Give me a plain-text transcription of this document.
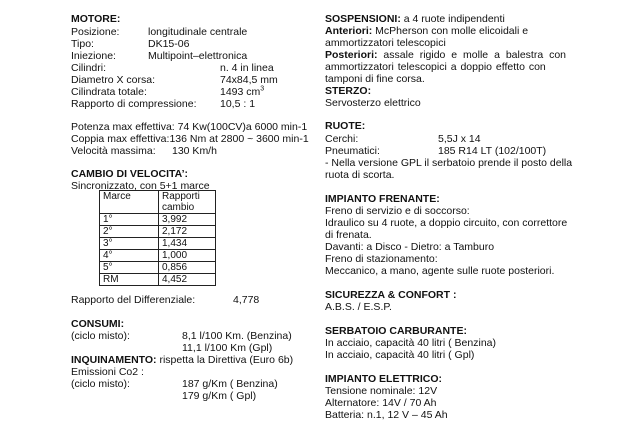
MOTORE:
Posizione:	longitudinale centrale
Tipo:	DK15-06
Iniezione:	Multipoint–elettronica
Cilindri:	n. 4 in linea
Diametro X corsa:	74x84,5 mm
Cilindrata totale:	1493 $cm^3$
Rapporto di compressione: 10,5 : 1
Potenza max effettiva: 74 Kw(100CV)a 6000 min-1
Coppia max effettiva:136 Nm at 2800 ~ 3600 min-1
Velocità massima: 130 Km/h
CAMBIO DI VELOCITA’:
Sincronizzato, con 5+1 marce
Marce	Rapporti cambio
1°	3,992
2°	2,172
3°	1,434
4°	1,000
5°	0,856
RM	4,452
Rapporto del Differenziale:	4,778
CONSUMI:
(ciclo misto):	8,1 l/100 Km. (Benzina)
11,1 l/100 Km (Gpl)
INQUINAMENTO: rispetta la Direttiva (Euro 6b)
Emissioni Co2 :
(ciclo misto):	187 g/Km ( Benzina)
179 g/Km ( Gpl)
SOSPENSIONI: a 4 ruote indipendenti
Anteriori: McPherson con molle elicoidali e
ammortizzatori telescopici
Posteriori: assale rigido e molle a balestra con
ammortizzatori telescopici a doppio effetto con
tamponi di fine corsa.
STERZO:
Servosterzo elettrico
RUOTE:
Cerchi:	5,5J x 14
Pneumatici:	185 R14 LT (102/100T)
- Nella versione GPL il serbatoio prende il posto della
ruota di scorta.
IMPIANTO FRENANTE:
Freno di servizio e di soccorso:
Idraulico su 4 ruote, a doppio circuito, con correttore
di frenata.
Davanti: a Disco - Dietro: a Tamburo
Freno di stazionamento:
Meccanico, a mano, agente sulle ruote posteriori.
SICUREZZA & CONFORT :
A.B.S. / E.S.P.
SERBATOIO CARBURANTE:
In acciaio, capacità 40 litri ( Benzina)
In acciaio, capacità 40 litri ( Gpl)
IMPIANTO ELETTRICO:
Tensione nominale: 12V
Alternatore: 14V / 70 Ah
Batteria: n.1, 12 V – 45 Ah
